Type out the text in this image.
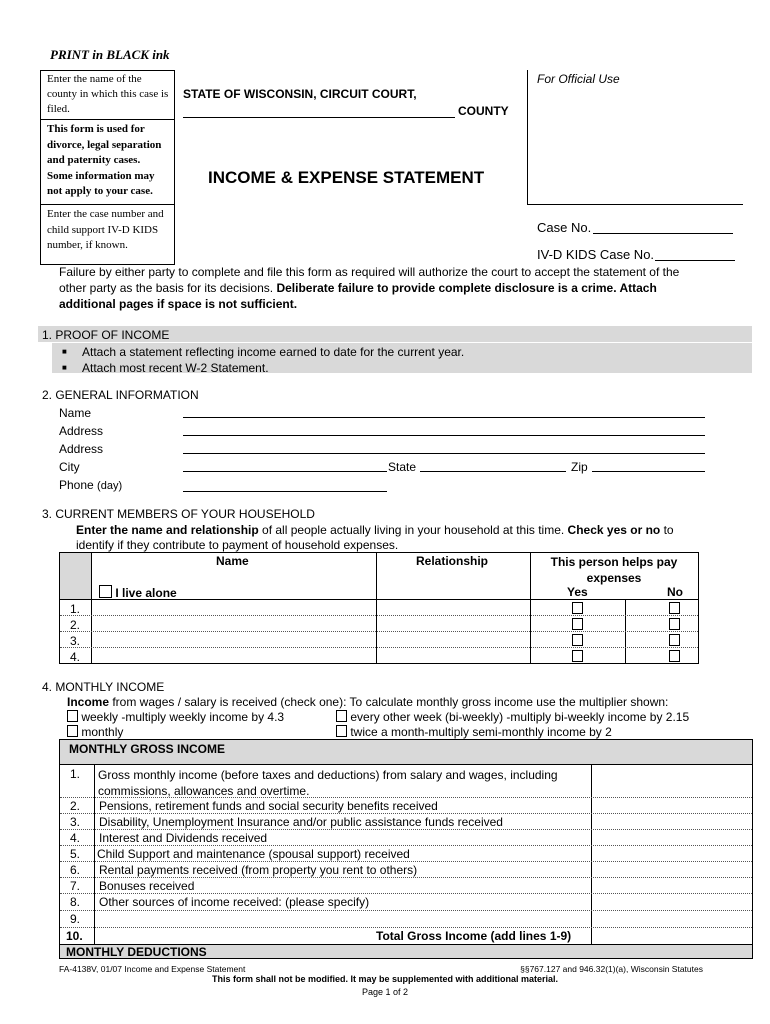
PRINT in BLACK ink
Enter the name of the
county in which this case is
filed.
This form is used for
divorce, legal separation
and paternity cases.
Some information may
not apply to your case.
Enter the case number and
child support IV-D KIDS
number, if known.
STATE OF WISCONSIN, CIRCUIT COURT,
COUNTY
For Official Use
INCOME & EXPENSE STATEMENT
Case No.
IV-D KIDS Case No.
Failure by either party to complete and file this form as required will authorize the court to accept the statement of the
other party as the basis for its decisions. Deliberate failure to provide complete disclosure is a crime. Attach
additional pages if space is not sufficient.
1. PROOF OF INCOME
■ Attach a statement reflecting income earned to date for the current year.
■ Attach most recent W-2 Statement.
2. GENERAL INFORMATION
Name
Address
Address
City	State	Zip
Phone (day)
3. CURRENT MEMBERS OF YOUR HOUSEHOLD
Enter the name and relationship of all people actually living in your household at this time. Check yes or no to
identify if they contribute to payment of household expenses.
Name	Relationship	This person helps pay
expenses
I live alone	Yes	No
1.
2.
3.
4.
4. MONTHLY INCOME
Income from wages / salary is received (check one): To calculate monthly gross income use the multiplier shown:
weekly -multiply weekly income by 4.3	every other week (bi-weekly) -multiply bi-weekly income by 2.15
monthly	twice a month-multiply semi-monthly income by 2
MONTHLY GROSS INCOME
1. Gross monthly income (before taxes and deductions) from salary and wages, including
commissions, allowances and overtime.
2. Pensions, retirement funds and social security benefits received
3. Disability, Unemployment Insurance and/or public assistance funds received
4. Interest and Dividends received
5. Child Support and maintenance (spousal support) received
6. Rental payments received (from property you rent to others)
7. Bonuses received
8. Other sources of income received: (please specify)
9.
10.	Total Gross Income (add lines 1-9)
MONTHLY DEDUCTIONS
FA-4138V, 01/07 Income and Expense Statement	§§767.127 and 946.32(1)(a), Wisconsin Statutes
This form shall not be modified. It may be supplemented with additional material.
Page 1 of 2
